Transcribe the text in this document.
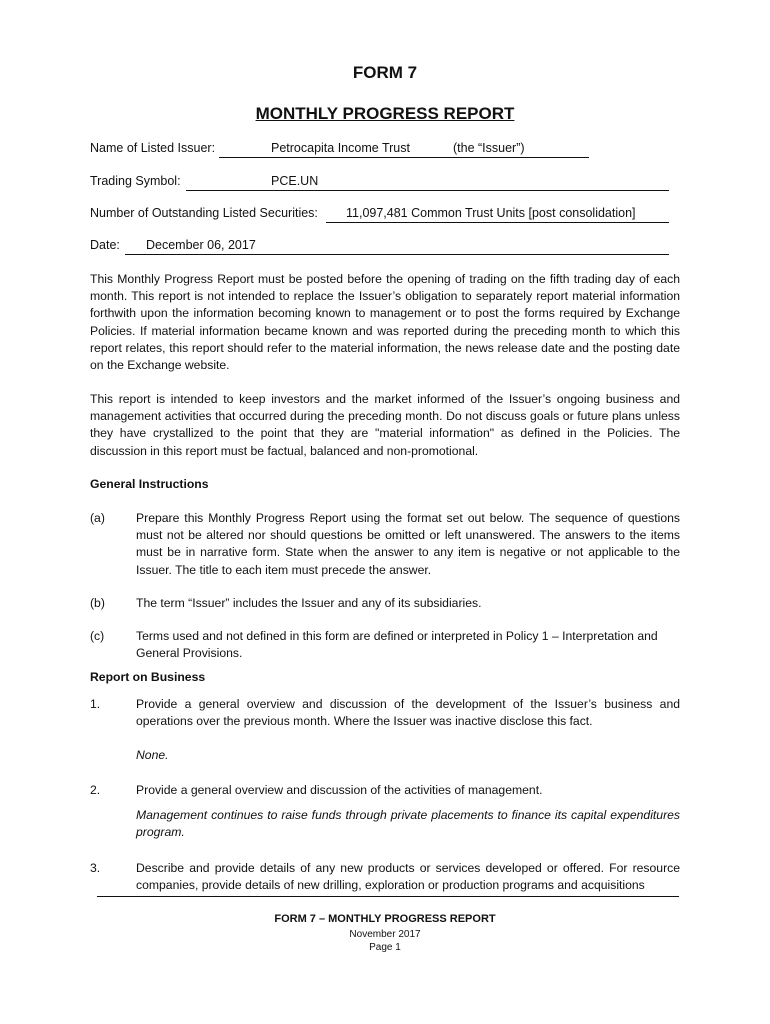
FORM 7
MONTHLY PROGRESS REPORT
Name of Listed Issuer:	Petrocapita Income Trust	(the “Issuer”)
Trading Symbol:	PCE.UN
Number of Outstanding Listed Securities: 11,097,481 Common Trust Units [post consolidation]
Date: December 06, 2017
This Monthly Progress Report must be posted before the opening of trading on the fifth trading day of each month. This report is not intended to replace the Issuer’s obligation to separately report material information forthwith upon the information becoming known to management or to post the forms required by Exchange Policies. If material information became known and was reported during the preceding month to which this report relates, this report should refer to the material information, the news release date and the posting date on the Exchange website.
This report is intended to keep investors and the market informed of the Issuer’s ongoing business and management activities that occurred during the preceding month. Do not discuss goals or future plans unless they have crystallized to the point that they are "material information" as defined in the Policies. The discussion in this report must be factual, balanced and non-promotional.
General Instructions
(a)	Prepare this Monthly Progress Report using the format set out below. The sequence of questions must not be altered nor should questions be omitted or left unanswered. The answers to the items must be in narrative form. State when the answer to any item is negative or not applicable to the Issuer. The title to each item must precede the answer.
(b)	The term “Issuer” includes the Issuer and any of its subsidiaries.
(c)	Terms used and not defined in this form are defined or interpreted in Policy 1 – Interpretation and General Provisions.
Report on Business
1.	Provide a general overview and discussion of the development of the Issuer’s business and operations over the previous month. Where the Issuer was inactive disclose this fact.
None.
2.	Provide a general overview and discussion of the activities of management.
Management continues to raise funds through private placements to finance its capital expenditures program.
3.	Describe and provide details of any new products or services developed or offered. For resource companies, provide details of new drilling, exploration or production programs and acquisitions
FORM 7 – MONTHLY PROGRESS REPORT
November 2017
Page 1
